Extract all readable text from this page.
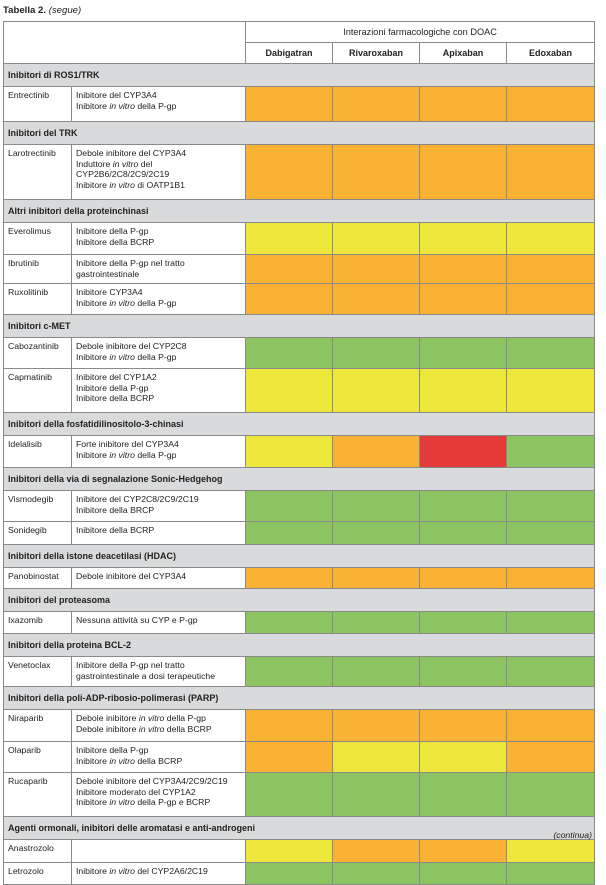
Tabella 2. (segue)
		Interazioni farmacologiche con DOAC			
		Dabigatran	Rivaroxaban	Apixaban	Edoxaban
Inibitori di ROS1/TRK					
Entrectinib	Inibitore del CYP3A4
Inibitore in vitro della P-gp				

Inibitori del TRK					
Larotrectinib	Debole inibitore del CYP3A4
Induttore in vitro del
CYP2B6/2C8/2C9/2C19
Inibitore in vitro di OATP1B1				

Altri inibitori della proteinchinasi					
Everolimus	Inibitore della P-gp
Inibitore della BCRP				

Ibrutinib	Inibitore della P-gp nel tratto
gastrointestinale				

Ruxolitinib	Inibitore CYP3A4
Inibitore in vitro della P-gp				

Inibitori c-MET					
Cabozantinib	Debole inibitore del CYP2C8
Inibitore in vitro della P-gp				

Capmatinib	Inibitore del CYP1A2
Inibitore della P-gp
Inibitore della BCRP				

Inibitori della fosfatidilinositolo-3-chinasi					
Idelalisib	Forte inibitore del CYP3A4
Inibitore in vitro della P-gp				

Inibitori della via di segnalazione Sonic-Hedgehog					
Vismodegib	Inibitore del CYP2C8/2C9/2C19
Inibitore della BRCP				

Sonidegib	Inibitore della BCRP				

Inibitori della istone deacetilasi (HDAC)					
Panobinostat	Debole inibitore del CYP3A4				

Inibitori del proteasoma					
Ixazomib	Nessuna attività su CYP e P-gp				

Inibitori della proteina BCL-2					
Venetoclax	Inibitore della P-gp nel tratto
gastrointestinale a dosi terapeutiche				

Inibitori della poli-ADP-ribosio-polimerasi (PARP)					
Niraparib	Debole inibitore in vitro della P-gp
Debole inibitore in vitro della BCRP				

Olaparib	Inibitore della P-gp
Inibitore in vitro della BCRP				

Rucaparib	Debole inibitore del CYP3A4/2C9/2C19
Inibitore moderato del CYP1A2
Inibitore in vitro della P-gp e BCRP				

Agenti ormonali, inibitori delle aromatasi e anti-androgeni					
Anastrozolo					
Letrozolo	Inibitore in vitro del CYP2A6/2C19				

(continua)
